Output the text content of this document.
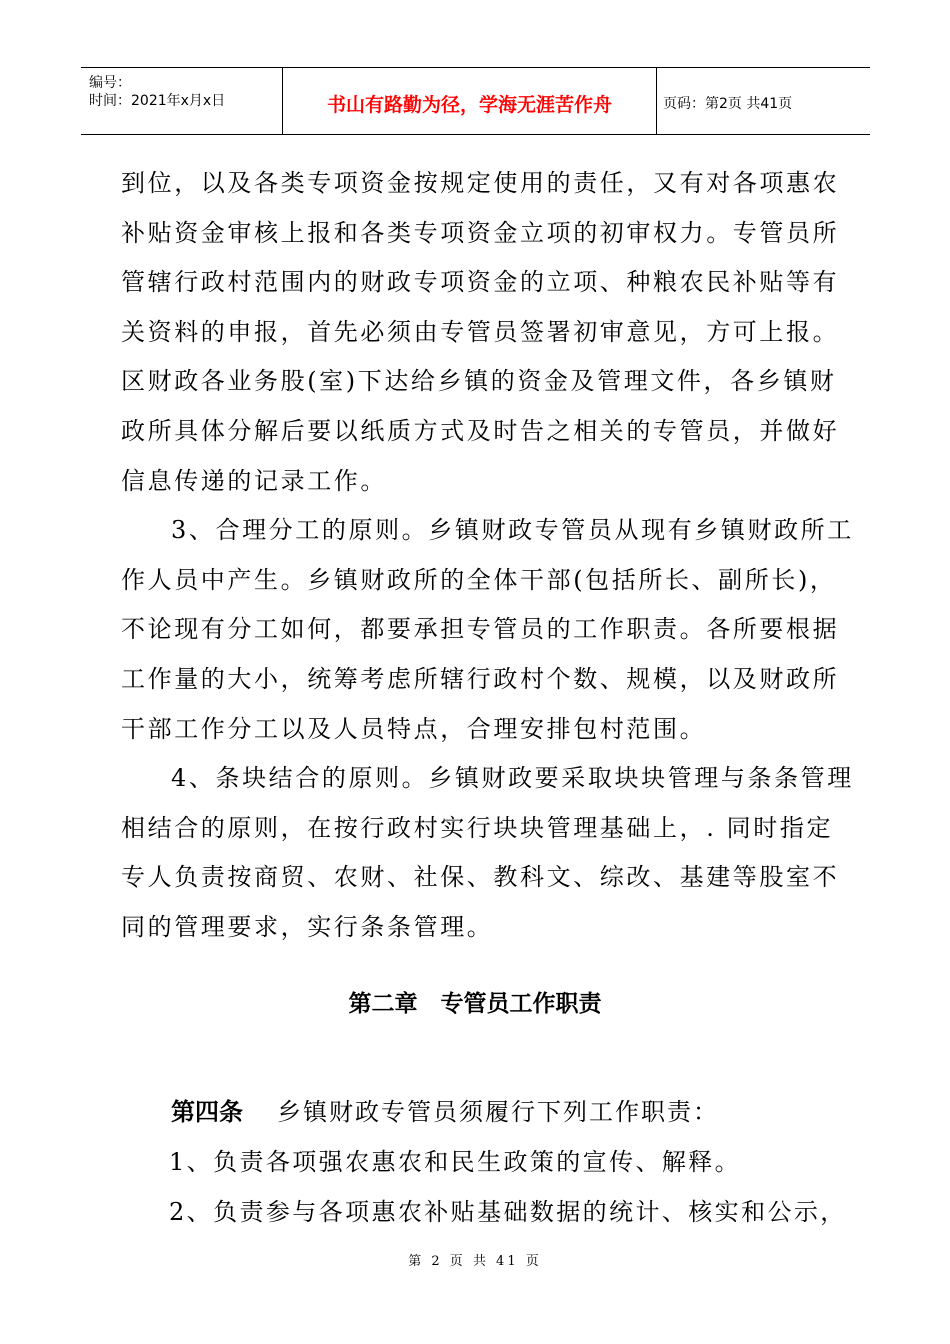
编号：
时间：2021年x月x日	书山有路勤为径，学海无涯苦作舟	页码：第2页 共41页

到位，以及各类专项资金按规定使用的责任，又有对各项惠农
补贴资金审核上报和各类专项资金立项的初审权力。专管员所
管辖行政村范围内的财政专项资金的立项、种粮农民补贴等有
关资料的申报，首先必须由专管员签署初审意见，方可上报。
区财政各业务股(室)下达给乡镇的资金及管理文件，各乡镇财
政所具体分解后要以纸质方式及时告之相关的专管员，并做好
信息传递的记录工作。

3、合理分工的原则。乡镇财政专管员从现有乡镇财政所工
作人员中产生。乡镇财政所的全体干部(包括所长、副所长)，
不论现有分工如何，都要承担专管员的工作职责。各所要根据
工作量的大小，统筹考虑所辖行政村个数、规模，以及财政所
干部工作分工以及人员特点，合理安排包村范围。

4、条块结合的原则。乡镇财政要采取块块管理与条条管理
相结合的原则，在按行政村实行块块管理基础上，. 同时指定
专人负责按商贸、农财、社保、教科文、综改、基建等股室不
同的管理要求，实行条条管理。

第二章　专管员工作职责
第四条 乡镇财政专管员须履行下列工作职责：
1、负责各项强农惠农和民生政策的宣传、解释。
2、负责参与各项惠农补贴基础数据的统计、核实和公示，
第 2 页 共 41 页
